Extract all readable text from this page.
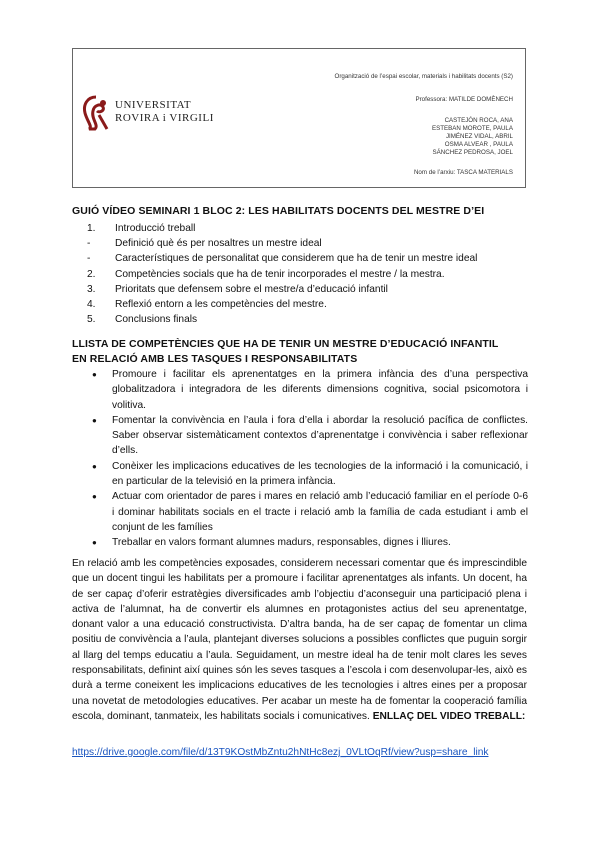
UNIVERSITAT
ROVIRA i VIRGILI
Organització de l’espai escolar, materials i habilitats docents (S2)
Professora: MATILDE DOMÈNECH
CASTEJÓN ROCA, ANA
ESTEBAN MOROTE, PAULA
JIMÉNEZ VIDAL, ABRIL
OSMA ALVEAR , PAULA
SÁNCHEZ PEDROSA, JOEL
Nom de l’arxiu: TASCA MATERIALS
GUIÓ VÍDEO SEMINARI 1 BLOC 2: LES HABILITATS DOCENTS DEL MESTRE D’EI
1.	Introducció treball
-	Definició què és per nosaltres un mestre ideal
-	Característiques de personalitat que considerem que ha de tenir un mestre ideal
2.	Competències socials que ha de tenir incorporades el mestre / la mestra.
3.	Prioritats que defensem sobre el mestre/a d’educació infantil
4.	Reflexió entorn a les competències del mestre.
5.	Conclusions finals
LLISTA DE COMPETÈNCIES QUE HA DE TENIR UN MESTRE D’EDUCACIÓ INFANTIL
EN RELACIÓ AMB LES TASQUES I RESPONSABILITATS
●	Promoure i facilitar els aprenentatges en la primera infància des d’una perspectiva globalitzadora i integradora de les diferents dimensions cognitiva, social psicomotora i volitiva.
●	Fomentar la convivència en l’aula i fora d’ella i abordar la resolució pacífica de conflictes. Saber observar sistemàticament contextos d’aprenentatge i convivència i saber reflexionar d’ells.
●	Conèixer les implicacions educatives de les tecnologies de la informació i la comunicació, i en particular de la televisió en la primera infància.
●	Actuar com orientador de pares i mares en relació amb l’educació familiar en el període 0-6 i dominar habilitats socials en el tracte i relació amb la família de cada estudiant i amb el conjunt de les famílies
●	Treballar en valors formant alumnes madurs, responsables, dignes i lliures.
En relació amb les competències exposades, considerem necessari comentar que és imprescindible que un docent tingui les habilitats per a promoure i facilitar aprenentatges als infants. Un docent, ha de ser capaç d’oferir estratègies diversificades amb l’objectiu d’aconseguir una participació plena i activa de l’alumnat, ha de convertir els alumnes en protagonistes actius del seu aprenentatge, donant valor a una educació constructivista. D’altra banda, ha de ser capaç de fomentar un clima positiu de convivència a l’aula, plantejant diverses solucions a possibles conflictes que puguin sorgir al llarg del temps educatiu a l’aula. Seguidament, un mestre ideal ha de tenir molt clares les seves responsabilitats, definint així quines són les seves tasques a l’escola i com desenvolupar-les, això es durà a terme coneixent les implicacions educatives de les tecnologies i altres eines per a proposar una novetat de metodologies educatives. Per acabar un meste ha de fomentar la cooperació família escola, dominant, tanmateix, les habilitats socials i comunicatives. ENLLAÇ DEL VIDEO TREBALL:
https://drive.google.com/file/d/13T9KOstMbZntu2hNtHc8ezj_0VLtOqRf/view?usp=share_link
